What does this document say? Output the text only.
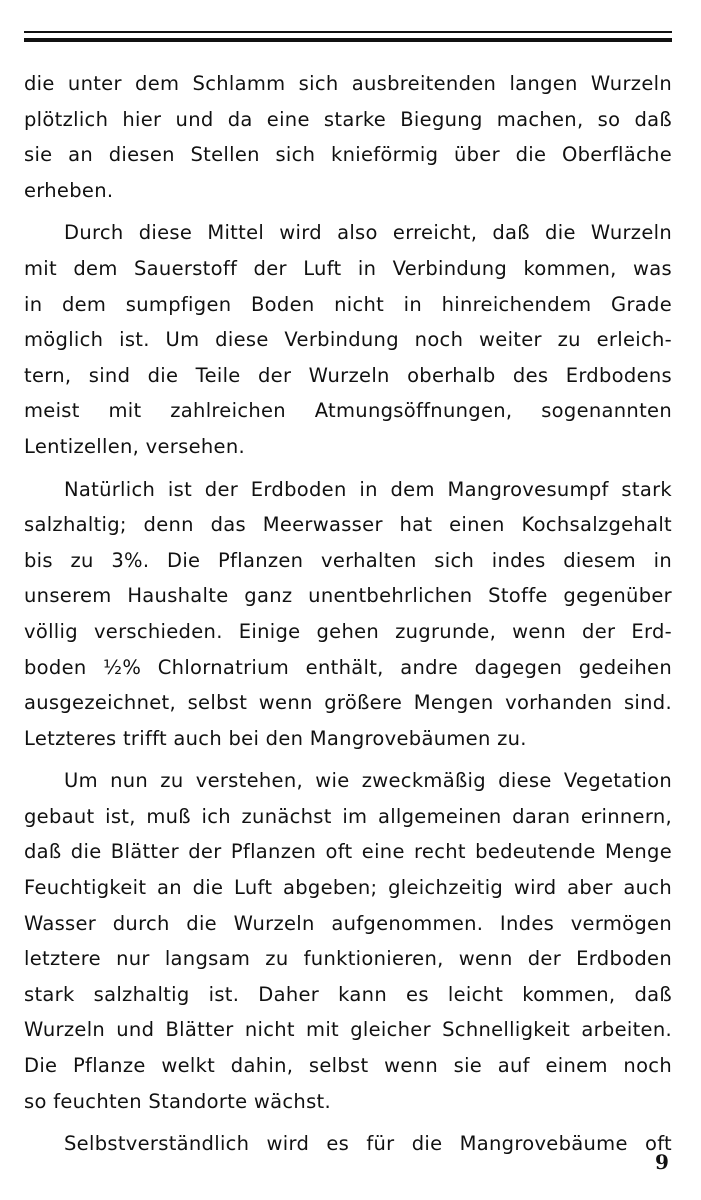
die unter dem Schlamm sich ausbreitenden langen Wurzeln
plötzlich hier und da eine starke Biegung machen, so daß
sie an diesen Stellen sich knieförmig über die Oberfläche
erheben.
Durch diese Mittel wird also erreicht, daß die Wurzeln
mit dem Sauerstoff der Luft in Verbindung kommen, was
in dem sumpfigen Boden nicht in hinreichendem Grade
möglich ist. Um diese Verbindung noch weiter zu erleich-
tern, sind die Teile der Wurzeln oberhalb des Erdbodens
meist mit zahlreichen Atmungsöffnungen, sogenannten
Lentizellen, versehen.
Natürlich ist der Erdboden in dem Mangrovesumpf stark
salzhaltig; denn das Meerwasser hat einen Kochsalzgehalt
bis zu 3%. Die Pflanzen verhalten sich indes diesem in
unserem Haushalte ganz unentbehrlichen Stoffe gegenüber
völlig verschieden. Einige gehen zugrunde, wenn der Erd-
boden ½% Chlornatrium enthält, andre dagegen gedeihen
ausgezeichnet, selbst wenn größere Mengen vorhanden sind.
Letzteres trifft auch bei den Mangrovebäumen zu.
Um nun zu verstehen, wie zweckmäßig diese Vegetation
gebaut ist, muß ich zunächst im allgemeinen daran erinnern,
daß die Blätter der Pflanzen oft eine recht bedeutende Menge
Feuchtigkeit an die Luft abgeben; gleichzeitig wird aber auch
Wasser durch die Wurzeln aufgenommen. Indes vermögen
letztere nur langsam zu funktionieren, wenn der Erdboden
stark salzhaltig ist. Daher kann es leicht kommen, daß
Wurzeln und Blätter nicht mit gleicher Schnelligkeit arbeiten.
Die Pflanze welkt dahin, selbst wenn sie auf einem noch
so feuchten Standorte wächst.
Selbstverständlich wird es für die Mangrovebäume oft
9
